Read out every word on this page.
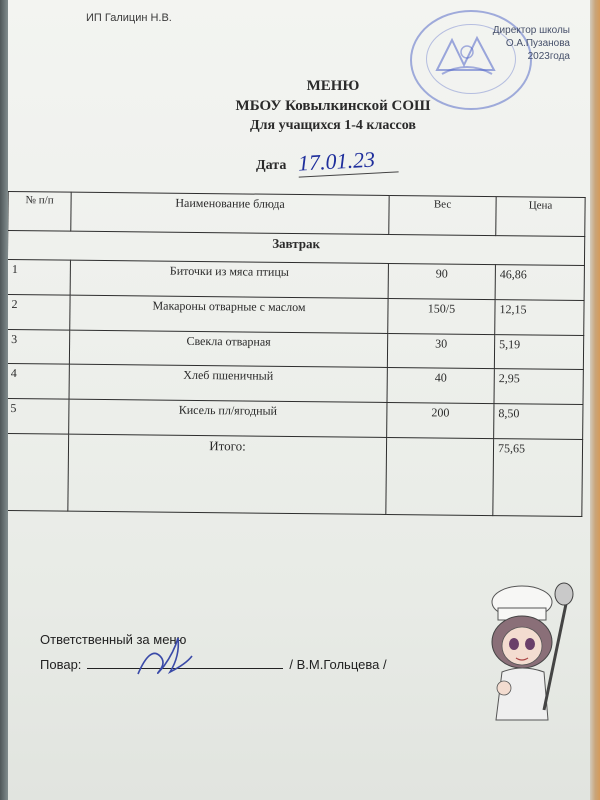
ИП Галицин Н.В.
Директор школы
О.А.Пузанова
2023года
МЕНЮ
МБОУ Ковылкинской СОШ
Для учащихся 1-4 классов
Дата 17.01.23
№ п/п	Наименование блюда	Вес	Цена
Завтрак			
1	Биточки из мяса птицы	90	46,86
2	Макароны отварные с маслом	150/5	12,15
3	Свекла отварная	30	5,19
4	Хлеб пшеничный	40	2,95
5	Кисель пл/ягодный	200	8,50
	Итого:		75,65
Ответственный за меню
Повар:	/ В.М.Гольцева /
